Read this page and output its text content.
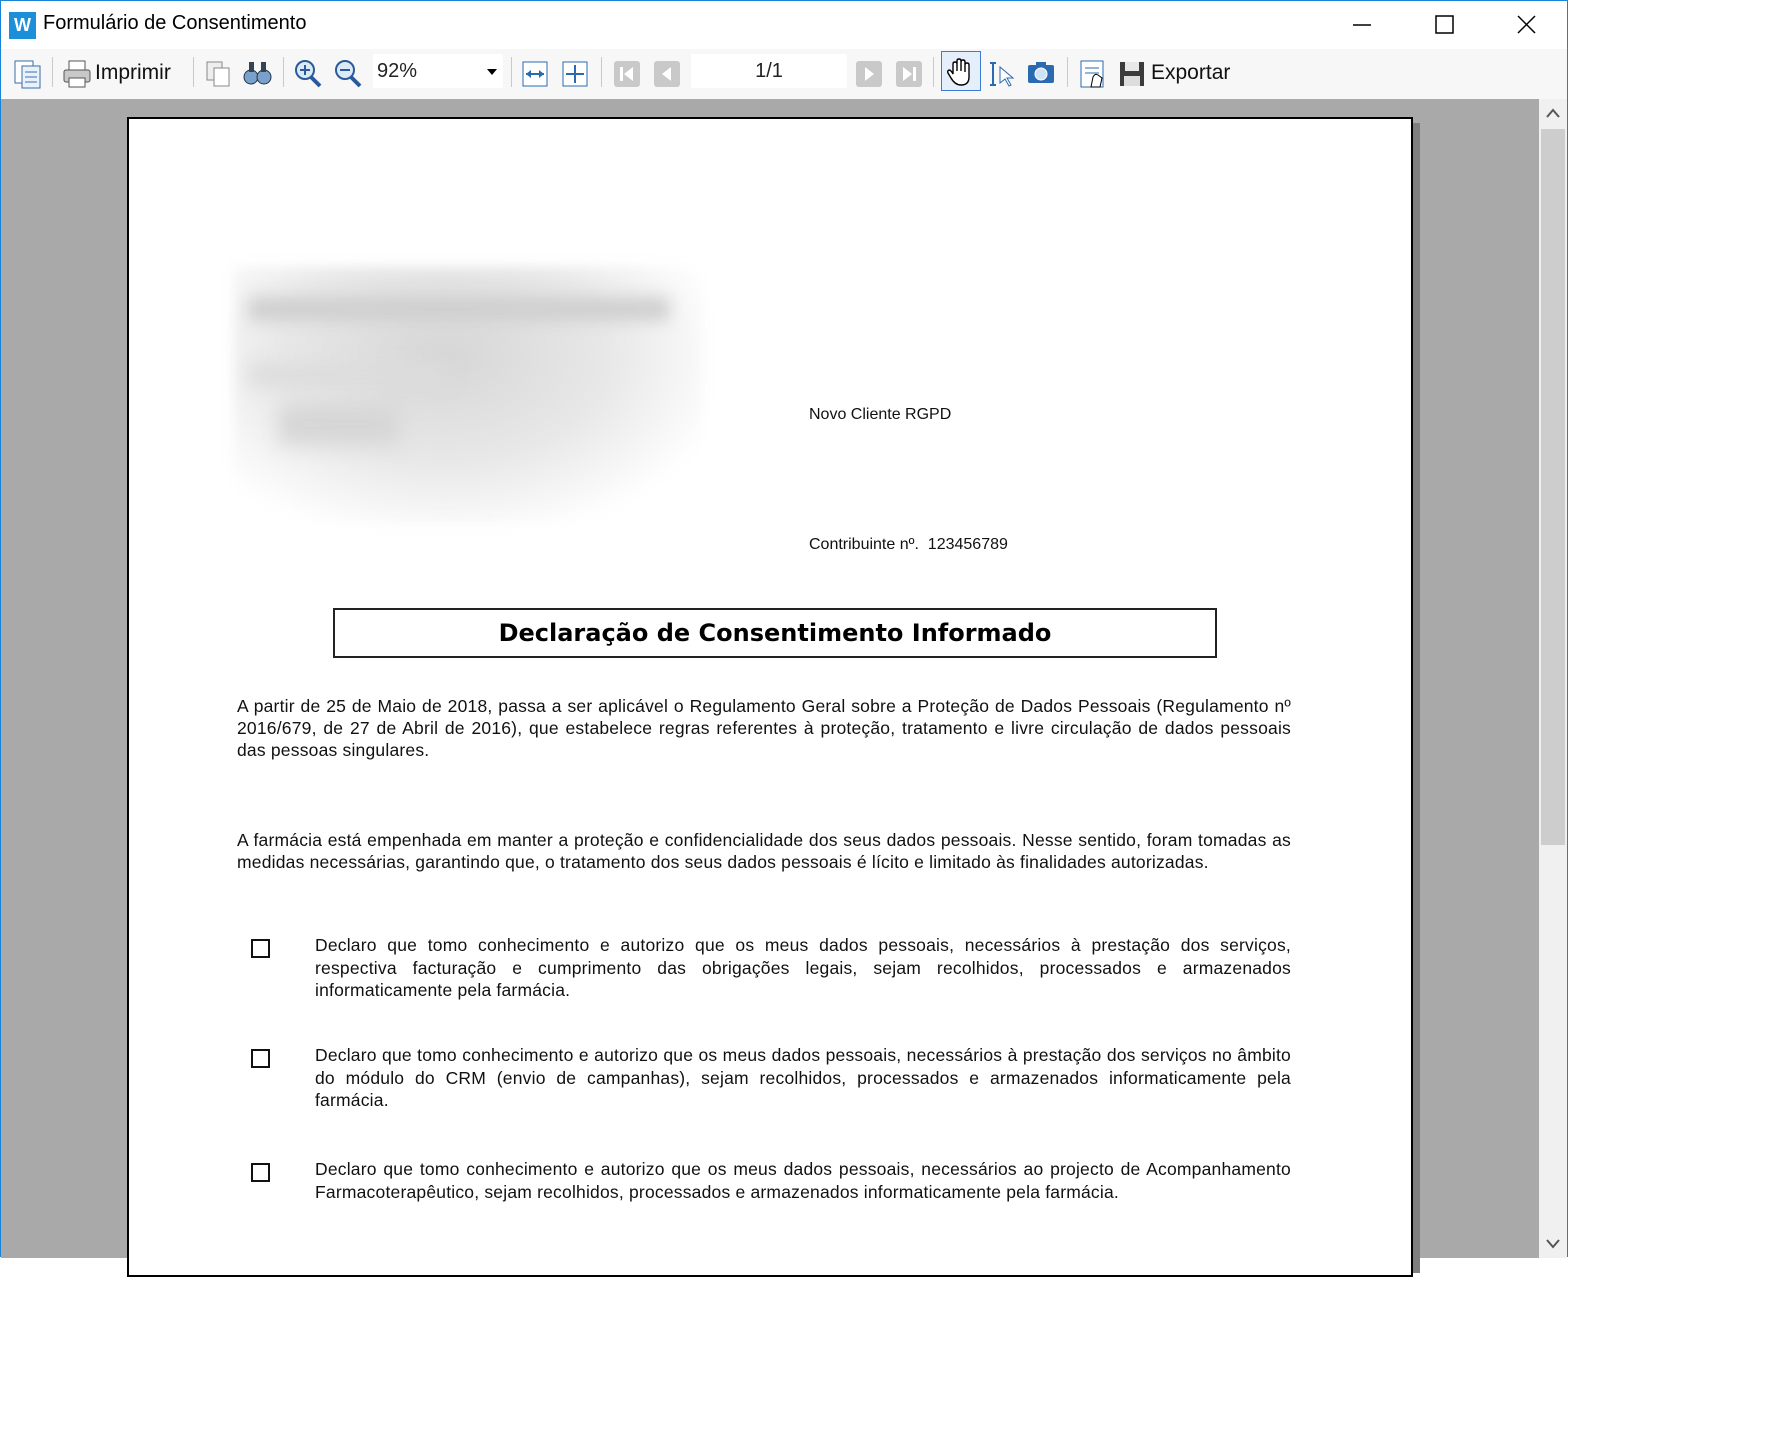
W Formulário de Consentimento
Imprimir	92%	1/1	Exportar
Novo Cliente RGPD
Contribuinte nº.  123456789
Declaração de Consentimento Informado
A partir de 25 de Maio de 2018, passa a ser aplicável o Regulamento Geral sobre a Proteção de Dados Pessoais (Regulamento nº 2016/679, de 27 de Abril de 2016), que estabelece regras referentes à proteção, tratamento e livre circulação de dados pessoais das pessoas singulares.
A farmácia está empenhada em manter a proteção e confidencialidade dos seus dados pessoais. Nesse sentido, foram tomadas as medidas necessárias, garantindo que, o tratamento dos seus dados pessoais é lícito e limitado às finalidades autorizadas.
Declaro que tomo conhecimento e autorizo que os meus dados pessoais, necessários à prestação dos serviços, respectiva facturação e cumprimento das obrigações legais, sejam recolhidos, processados e armazenados informaticamente pela farmácia.
Declaro que tomo conhecimento e autorizo que os meus dados pessoais, necessários à prestação dos serviços no âmbito do módulo do CRM (envio de campanhas), sejam recolhidos, processados e armazenados informaticamente pela farmácia.
Declaro que tomo conhecimento e autorizo que os meus dados pessoais, necessários ao projecto de Acompanhamento Farmacoterapêutico, sejam recolhidos, processados e armazenados informaticamente pela farmácia.
